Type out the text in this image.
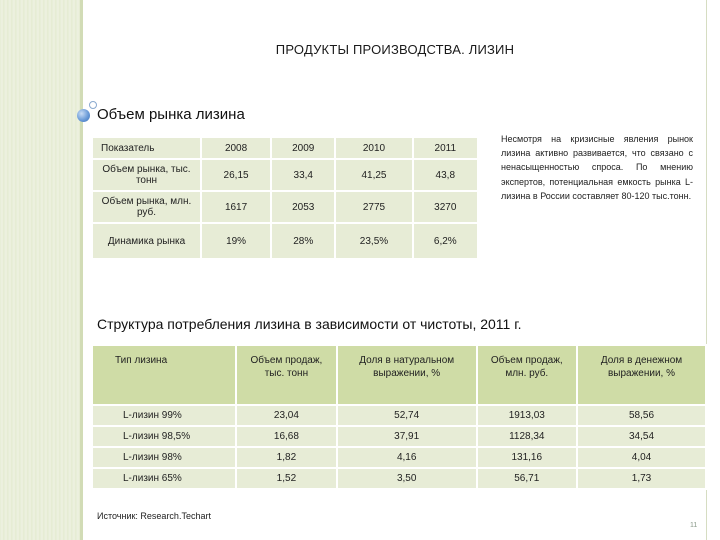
ПРОДУКТЫ ПРОИЗВОДСТВА. ЛИЗИН
Объем рынка лизина
Показатель	2008	2009	2010	2011
Объем рынка, тыс. тонн	26,15	33,4	41,25	43,8
Объем рынка, млн. руб.	1617	2053	2775	3270
Динамика рынка	19%	28%	23,5%	6,2%
Несмотря на кризисные явления рынок лизина активно развивается, что связано с ненасыщенностью спроса. По мнению экспертов, потенциальная емкость рынка L-лизина в России составляет 80-120 тыс.тонн.
Структура потребления лизина в зависимости от чистоты, 2011 г.
Тип лизина	Объем продаж, тыс. тонн	Доля в натуральном выражении, %	Объем продаж, млн. руб.	Доля в денежном выражении, %
L-лизин 99%	23,04	52,74	1913,03	58,56
L-лизин 98,5%	16,68	37,91	1128,34	34,54
L-лизин 98%	1,82	4,16	131,16	4,04
L-лизин 65%	1,52	3,50	56,71	1,73
Источник: Research.Techart
11
